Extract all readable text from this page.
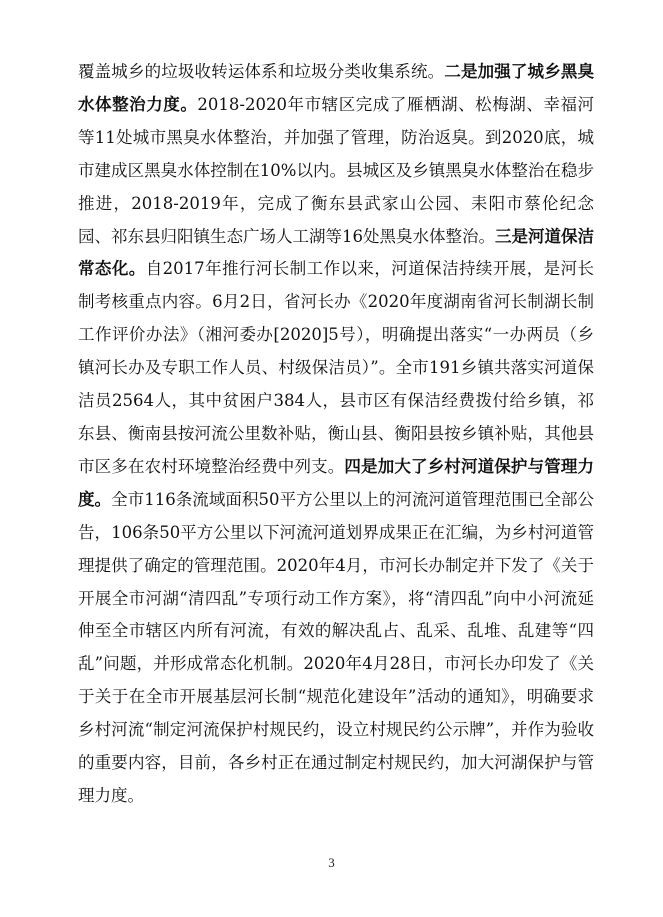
覆盖城乡的垃圾收转运体系和垃圾分类收集系统。二是加强了城乡黑臭水体整治力度。2018-2020年市辖区完成了雁栖湖、松梅湖、幸福河等11处城市黑臭水体整治，并加强了管理，防治返臭。到2020底，城市建成区黑臭水体控制在10%以内。县城区及乡镇黑臭水体整治在稳步推进，2018-2019年，完成了衡东县武家山公园、耒阳市蔡伦纪念园、祁东县归阳镇生态广场人工湖等16处黑臭水体整治。三是河道保洁常态化。自2017年推行河长制工作以来，河道保洁持续开展，是河长制考核重点内容。6月2日，省河长办《2020年度湖南省河长制湖长制工作评价办法》（湘河委办[2020]5号），明确提出落实“一办两员（乡镇河长办及专职工作人员、村级保洁员）”。全市191乡镇共落实河道保洁员2564人，其中贫困户384人，县市区有保洁经费拨付给乡镇，祁东县、衡南县按河流公里数补贴，衡山县、衡阳县按乡镇补贴，其他县市区多在农村环境整治经费中列支。四是加大了乡村河道保护与管理力度。全市116条流域面积50平方公里以上的河流河道管理范围已全部公告，106条50平方公里以下河流河道划界成果正在汇编，为乡村河道管理提供了确定的管理范围。2020年4月，市河长办制定并下发了《关于开展全市河湖“清四乱”专项行动工作方案》，将“清四乱”向中小河流延伸至全市辖区内所有河流，有效的解决乱占、乱采、乱堆、乱建等“四乱”问题，并形成常态化机制。2020年4月28日，市河长办印发了《关于关于在全市开展基层河长制“规范化建设年”活动的通知》，明确要求乡村河流“制定河流保护村规民约，设立村规民约公示牌”，并作为验收的重要内容，目前，各乡村正在通过制定村规民约，加大河湖保护与管理力度。

3
